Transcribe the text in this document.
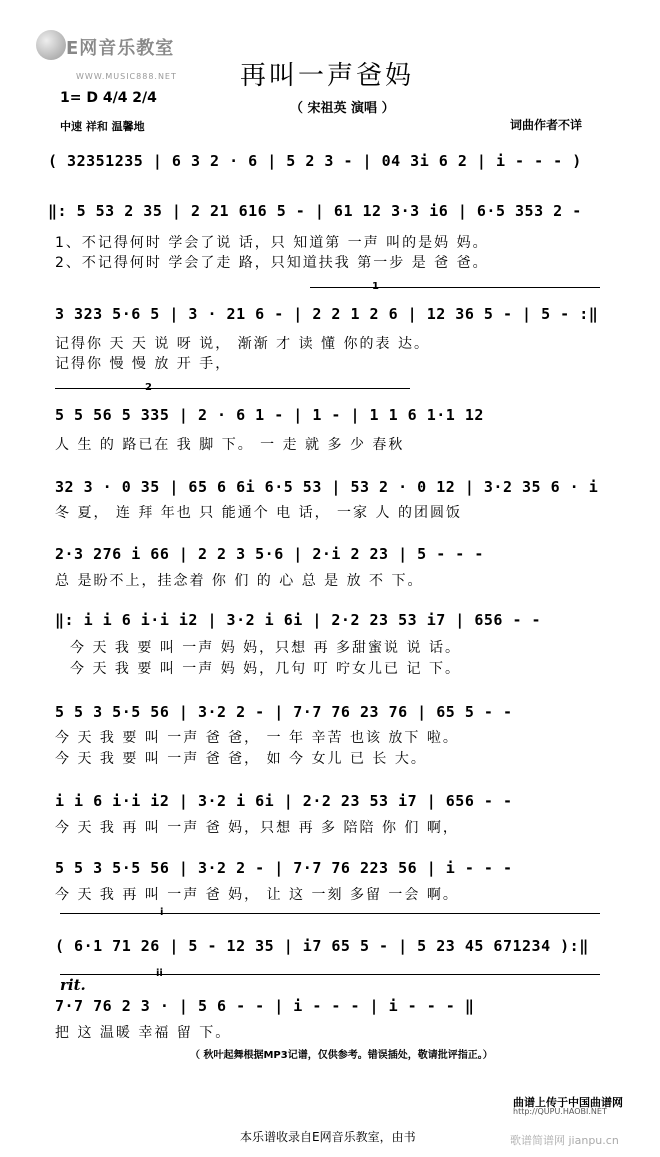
E网音乐教室
WWW.MUSIC888.NET 再叫一声爸妈
（ 宋祖英 演唱 ）
1= D 4/4 2/4
中速 祥和 温馨地	词曲作者不详
( 32351235 | 6 3 2 · 6 | 5 2 3 - | 04 3i 6 2 | i - - - )
‖: 5 53 2 35 | 2 21 616 5 - | 61 12 3·3 i6 | 6·5 353 2 -
1、不记得何时 学会了说 话，只 知道第 一声 叫的是妈 妈。
2、不记得何时 学会了走 路，只知道扶我 第一步 是 爸 爸。
1
3 323 5·6 5 | 3 · 21 6 - | 2 2 1 2 6 | 12 36 5 - | 5 - :‖
记得你 天 天 说 呀 说， 渐渐 才 读 懂 你的表 达。
记得你 慢 慢 放 开 手，
2
5 5 56 5 335 | 2 · 6 1 - | 1 - | 1 1 6 1·1 12
人 生 的 路已在 我 脚 下。 一 走 就 多 少 春秋
32 3 · 0 35 | 65 6 6i 6·5 53 | 53 2 · 0 12 | 3·2 35 6 · i
冬 夏， 连 拜 年也 只 能通个 电 话， 一家 人 的团圆饭
2·3 276 i 66 | 2 2 3 5·6 | 2·i 2 23 | 5 - - -
总 是盼不上，挂念着 你 们 的 心 总 是 放 不 下。
‖: i i 6 i·i i2 | 3·2 i 6i | 2·2 23 53 i7 | 656 - -
今 天 我 要 叫 一声 妈 妈，只想 再 多甜蜜说 说 话。
今 天 我 要 叫 一声 妈 妈，几句 叮 咛女儿已 记 下。
5 5 3 5·5 56 | 3·2 2 - | 7·7 76 23 76 | 65 5 - -
今 天 我 要 叫 一声 爸 爸， 一 年 辛苦 也该 放下 啦。
今 天 我 要 叫 一声 爸 爸， 如 今 女儿 已 长 大。
i i 6 i·i i2 | 3·2 i 6i | 2·2 23 53 i7 | 656 - -
今 天 我 再 叫 一声 爸 妈，只想 再 多 陪陪 你 们 啊，
5 5 3 5·5 56 | 3·2 2 - | 7·7 76 223 56 | i - - -
今 天 我 再 叫 一声 爸 妈， 让 这 一刻 多留 一会 啊。
i
( 6·1 71 26 | 5 - 12 35 | i7 65 5 - | 5 23 45 671234 ):‖
ii
rit.
7·7 76 2 3 · | 5 6 - - | i - - - | i - - - ‖
把 这 温暖 幸福 留 下。
（ 秋叶起舞根据MP3记谱，仅供参考。错误插处，敬请批评指正。）
曲谱上传于中国曲谱网
http://QUPU.HAOBI.NET
本乐谱收录自E网音乐教室，由书	歌谱简谱网 jianpu.cn
